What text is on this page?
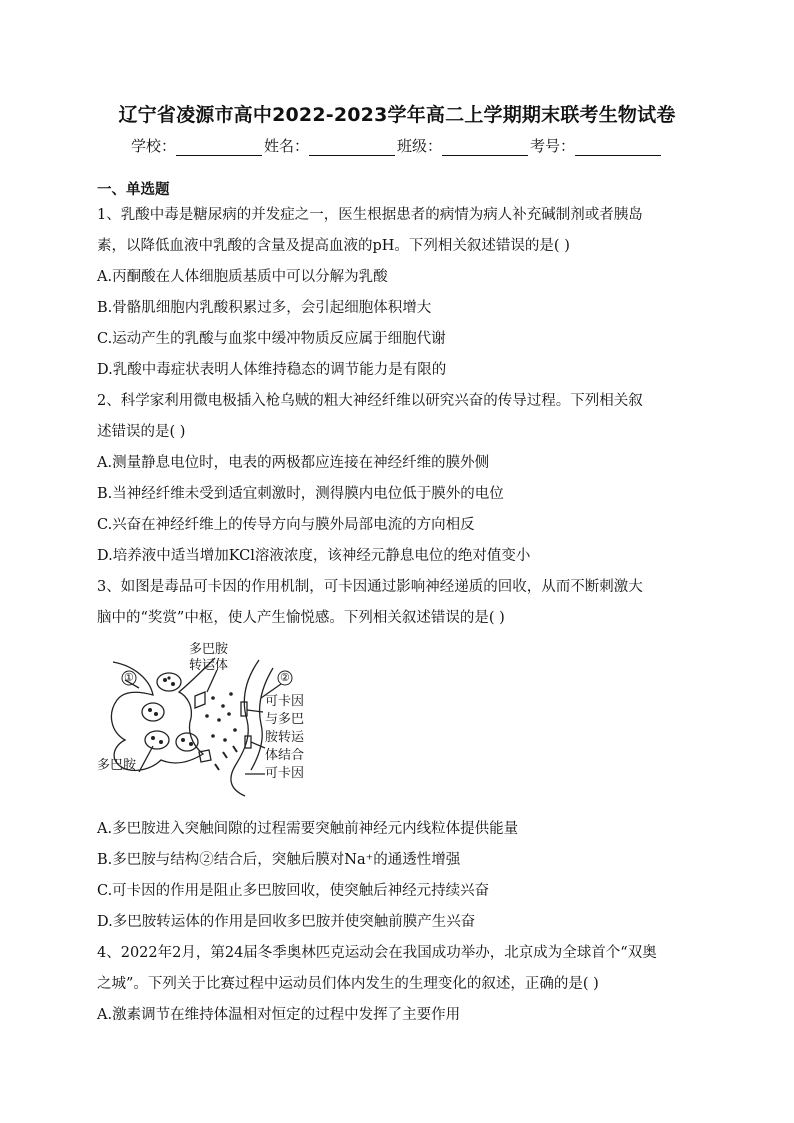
辽宁省凌源市高中2022-2023学年高二上学期期末联考生物试卷
学校：	姓名：	班级：	考号：
一、单选题
1、乳酸中毒是糖尿病的并发症之一，医生根据患者的病情为病人补充碱制剂或者胰岛
素，以降低血液中乳酸的含量及提高血液的pH。下列相关叙述错误的是( )
A.丙酮酸在人体细胞质基质中可以分解为乳酸
B.骨骼肌细胞内乳酸积累过多，会引起细胞体积增大
C.运动产生的乳酸与血浆中缓冲物质反应属于细胞代谢
D.乳酸中毒症状表明人体维持稳态的调节能力是有限的
2、科学家利用微电极插入枪乌贼的粗大神经纤维以研究兴奋的传导过程。下列相关叙
述错误的是( )
A.测量静息电位时，电表的两极都应连接在神经纤维的膜外侧
B.当神经纤维未受到适宜刺激时，测得膜内电位低于膜外的电位
C.兴奋在神经纤维上的传导方向与膜外局部电流的方向相反
D.培养液中适当增加KCl溶液浓度，该神经元静息电位的绝对值变小
3、如图是毒品可卡因的作用机制，可卡因通过影响神经递质的回收，从而不断刺激大
脑中的“奖赏”中枢，使人产生愉悦感。下列相关叙述错误的是( )
多巴胺
转运体
①	②
可卡因
与多巴
胺转运
体结合
多巴胺
可卡因
A.多巴胺进入突触间隙的过程需要突触前神经元内线粒体提供能量
B.多巴胺与结构②结合后，突触后膜对Na⁺的通透性增强
C.可卡因的作用是阻止多巴胺回收，使突触后神经元持续兴奋
D.多巴胺转运体的作用是回收多巴胺并使突触前膜产生兴奋
4、2022年2月，第24届冬季奥林匹克运动会在我国成功举办，北京成为全球首个“双奥
之城”。下列关于比赛过程中运动员们体内发生的生理变化的叙述，正确的是( )
A.激素调节在维持体温相对恒定的过程中发挥了主要作用
